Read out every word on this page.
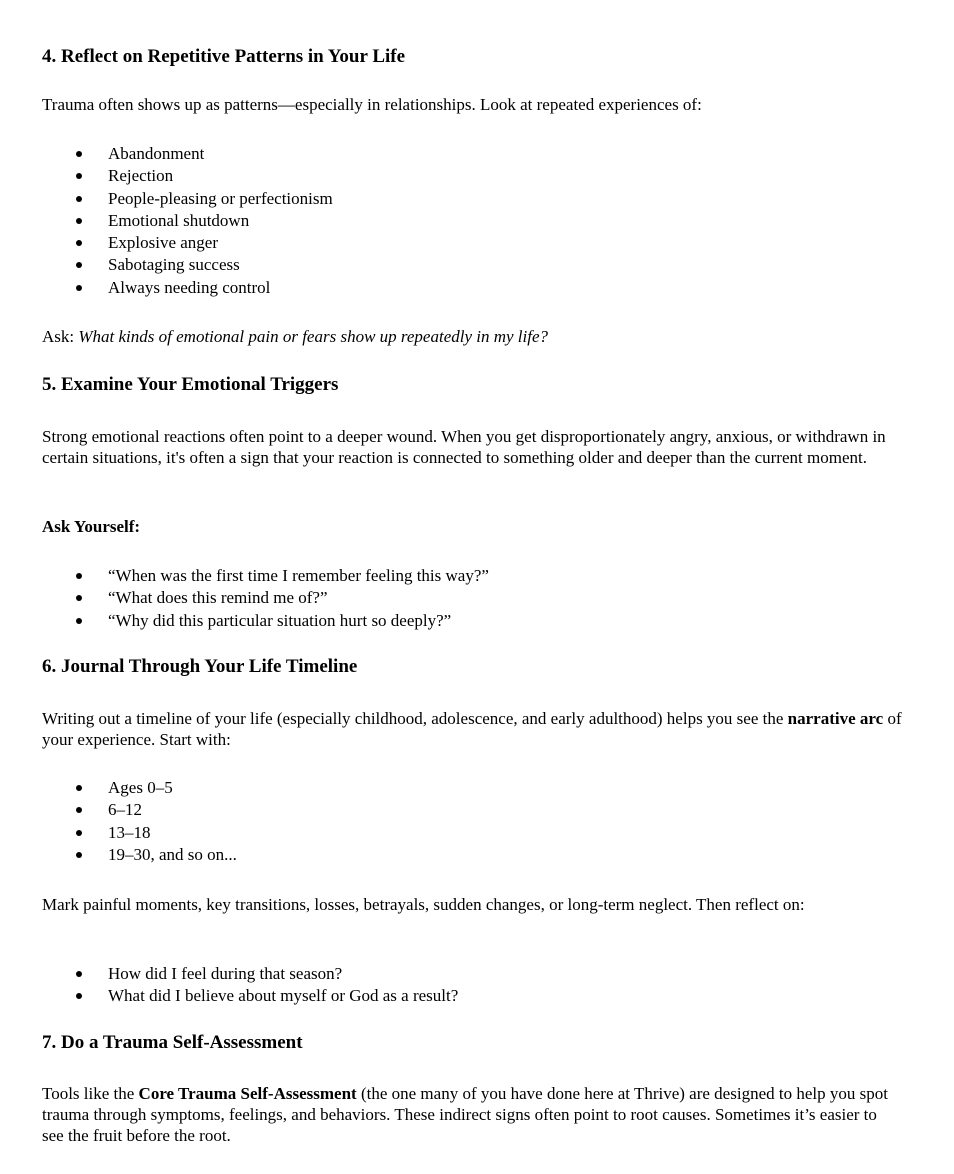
4. Reflect on Repetitive Patterns in Your Life

Trauma often shows up as patterns—especially in relationships. Look at repeated experiences of:

Abandonment
Rejection
People-pleasing or perfectionism
Emotional shutdown
Explosive anger
Sabotaging success
Always needing control

Ask: What kinds of emotional pain or fears show up repeatedly in my life?

5. Examine Your Emotional Triggers

Strong emotional reactions often point to a deeper wound. When you get disproportionately angry, anxious, or withdrawn in certain situations, it's often a sign that your reaction is connected to something older and deeper than the current moment.

Ask Yourself:

“When was the first time I remember feeling this way?”
“What does this remind me of?”
“Why did this particular situation hurt so deeply?”
6. Journal Through Your Life Timeline

Writing out a timeline of your life (especially childhood, adolescence, and early adulthood) helps you see the narrative arc of your experience. Start with:

Ages 0–5
6–12
13–18
19–30, and so on...

Mark painful moments, key transitions, losses, betrayals, sudden changes, or long-term neglect. Then reflect on:

How did I feel during that season?
What did I believe about myself or God as a result?
7. Do a Trauma Self-Assessment

Tools like the Core Trauma Self-Assessment (the one many of you have done here at Thrive) are designed to help you spot trauma through symptoms, feelings, and behaviors. These indirect signs often point to root causes. Sometimes it’s easier to see the fruit before the root.
